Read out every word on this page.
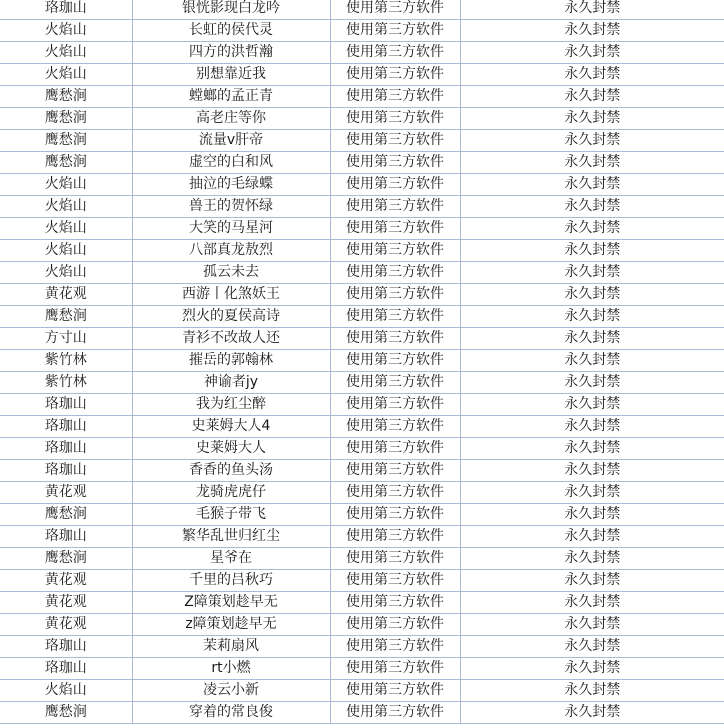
珞珈山	银恍影现白龙吟	使用第三方软件	永久封禁
火焰山	长虹的侯代灵	使用第三方软件	永久封禁
火焰山	四方的洪哲瀚	使用第三方软件	永久封禁
火焰山	别想靠近我	使用第三方软件	永久封禁
鹰愁涧	螳螂的孟正青	使用第三方软件	永久封禁
鹰愁涧	高老庄等你	使用第三方软件	永久封禁
鹰愁涧	流量v肝帝	使用第三方软件	永久封禁
鹰愁涧	虚空的白和风	使用第三方软件	永久封禁
火焰山	抽泣的毛绿蝶	使用第三方软件	永久封禁
火焰山	兽王的贺怀绿	使用第三方软件	永久封禁
火焰山	大笑的马星河	使用第三方软件	永久封禁
火焰山	八部真龙敖烈	使用第三方软件	永久封禁
火焰山	孤云未去	使用第三方软件	永久封禁
黄花观	西游丨化煞妖王	使用第三方软件	永久封禁
鹰愁涧	烈火的夏侯高诗	使用第三方软件	永久封禁
方寸山	青衫不改故人还	使用第三方软件	永久封禁
紫竹林	摧岳的郭翰林	使用第三方软件	永久封禁
紫竹林	神谕者jy	使用第三方软件	永久封禁
珞珈山	我为红尘醉	使用第三方软件	永久封禁
珞珈山	史莱姆大人4	使用第三方软件	永久封禁
珞珈山	史莱姆大人	使用第三方软件	永久封禁
珞珈山	香香的鱼头汤	使用第三方软件	永久封禁
黄花观	龙骑虎虎仔	使用第三方软件	永久封禁
鹰愁涧	毛猴子带飞	使用第三方软件	永久封禁
珞珈山	繁华乱世归红尘	使用第三方软件	永久封禁
鹰愁涧	星爷在	使用第三方软件	永久封禁
黄花观	千里的吕秋巧	使用第三方软件	永久封禁
黄花观	Z障策划趁早无	使用第三方软件	永久封禁
黄花观	z障策划趁早无	使用第三方软件	永久封禁
珞珈山	茉莉扇风	使用第三方软件	永久封禁
珞珈山	rt小燃	使用第三方软件	永久封禁
火焰山	凌云小新	使用第三方软件	永久封禁
鹰愁涧	穿着的常良俊	使用第三方软件	永久封禁
